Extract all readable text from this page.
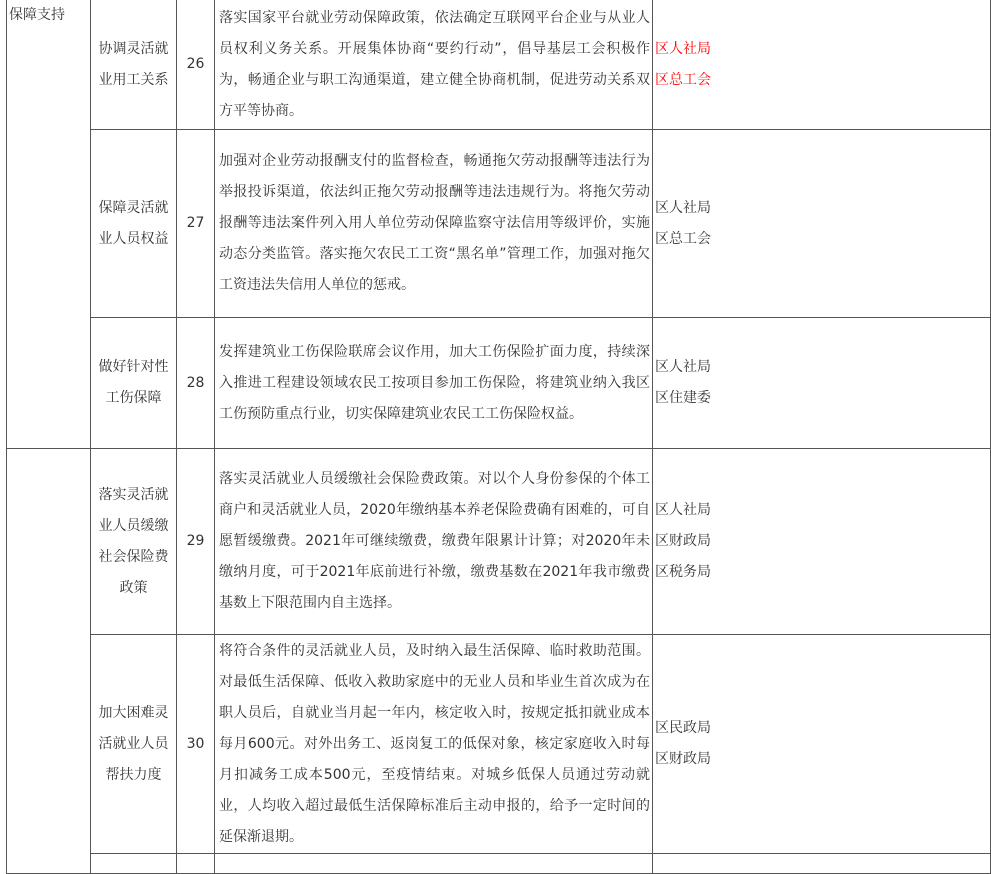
保障支持	协调灵活就业用工关系	26	落实国家平台就业劳动保障政策，依法确定互联网平台企业与从业人员权利义务关系。开展集体协商“要约行动”，倡导基层工会积极作为，畅通企业与职工沟通渠道，建立健全协商机制，促进劳动关系双方平等协商。	区人社局
区总工会

	保障灵活就业人员权益	27	加强对企业劳动报酬支付的监督检查，畅通拖欠劳动报酬等违法行为举报投诉渠道，依法纠正拖欠劳动报酬等违法违规行为。将拖欠劳动报酬等违法案件列入用人单位劳动保障监察守法信用等级评价，实施动态分类监管。落实拖欠农民工工资“黑名单”管理工作，加强对拖欠工资违法失信用人单位的惩戒。	区人社局
区总工会

	做好针对性工伤保障	28	发挥建筑业工伤保险联席会议作用，加大工伤保险扩面力度，持续深入推进工程建设领域农民工按项目参加工伤保险，将建筑业纳入我区工伤预防重点行业，切实保障建筑业农民工工伤保险权益。	区人社局
区住建委

	落实灵活就业人员缓缴社会保险费政策	29	落实灵活就业人员缓缴社会保险费政策。对以个人身份参保的个体工商户和灵活就业人员，2020年缴纳基本养老保险费确有困难的，可自愿暂缓缴费。2021年可继续缴费，缴费年限累计计算；对2020年未缴纳月度，可于2021年底前进行补缴，缴费基数在2021年我市缴费基数上下限范围内自主选择。	区人社局
区财政局
区税务局

	加大困难灵活就业人员帮扶力度	30	将符合条件的灵活就业人员，及时纳入最生活保障、临时救助范围。对最低生活保障、低收入救助家庭中的无业人员和毕业生首次成为在职人员后，自就业当月起一年内，核定收入时，按规定抵扣就业成本每月600元。对外出务工、返岗复工的低保对象，核定家庭收入时每月扣减务工成本500元，至疫情结束。对城乡低保人员通过劳动就业，人均收入超过最低生活保障标准后主动申报的，给予一定时间的延保渐退期。	区民政局
区财政局
